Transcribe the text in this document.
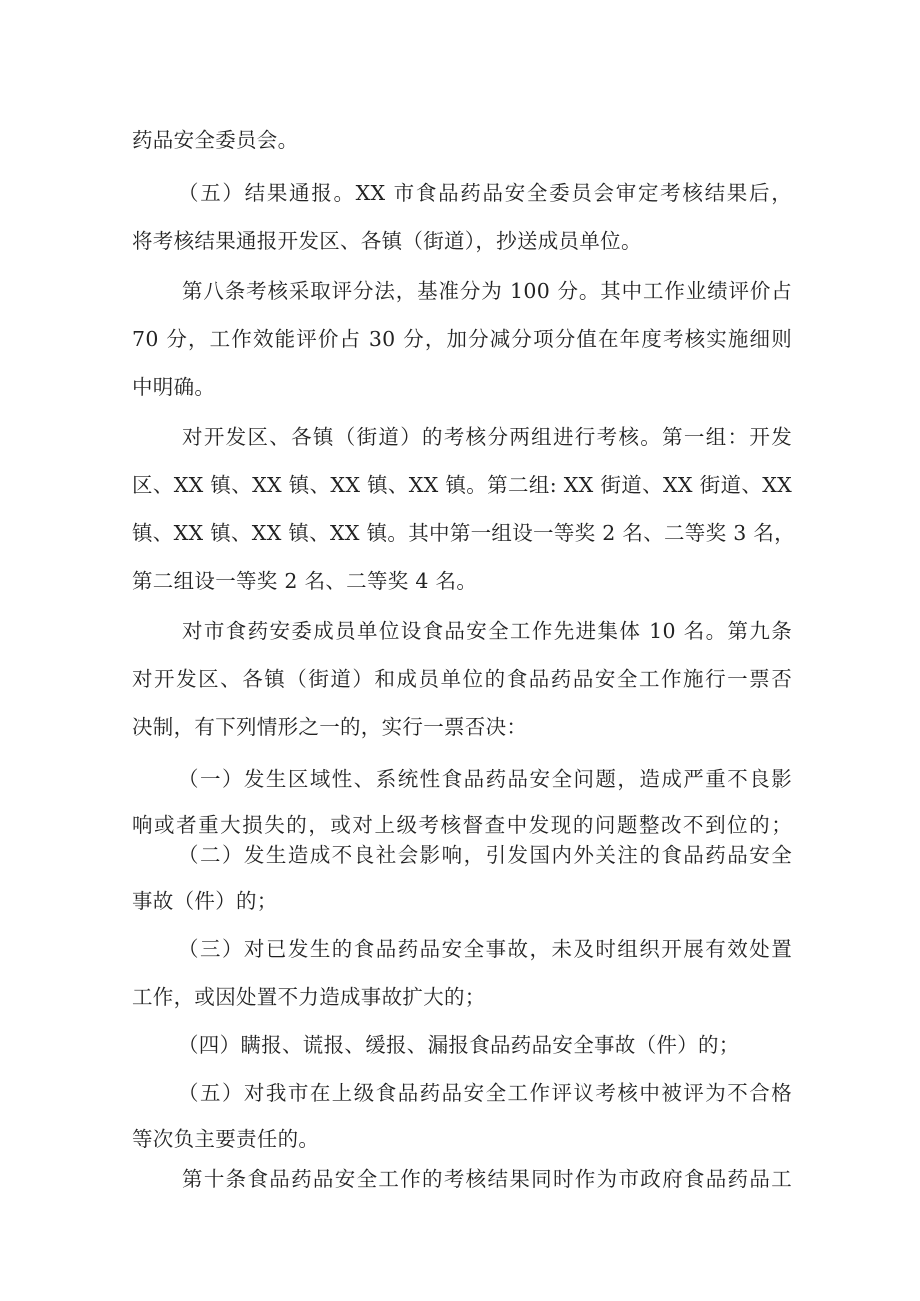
药品安全委员会。
（五）结果通报。XX 市食品药品安全委员会审定考核结果后，
将考核结果通报开发区、各镇（街道），抄送成员单位。
第八条考核采取评分法，基准分为 100 分。其中工作业绩评价占
70 分，工作效能评价占 30 分，加分减分项分值在年度考核实施细则
中明确。
对开发区、各镇（街道）的考核分两组进行考核。第一组：开发
区、XX 镇、XX 镇、XX 镇、XX 镇。第二组: XX 街道、XX 街道、XX
镇、XX 镇、XX 镇、XX 镇。其中第一组设一等奖 2 名、二等奖 3 名，
第二组设一等奖 2 名、二等奖 4 名。
对市食药安委成员单位设食品安全工作先进集体 10 名。第九条
对开发区、各镇（街道）和成员单位的食品药品安全工作施行一票否
决制，有下列情形之一的，实行一票否决：
（一）发生区域性、系统性食品药品安全问题，造成严重不良影
响或者重大损失的，或对上级考核督查中发现的问题整改不到位的；
（二）发生造成不良社会影响，引发国内外关注的食品药品安全
事故（件）的；
（三）对已发生的食品药品安全事故，未及时组织开展有效处置
工作，或因处置不力造成事故扩大的；
（四）瞒报、谎报、缓报、漏报食品药品安全事故（件）的；
（五）对我市在上级食品药品安全工作评议考核中被评为不合格
等次负主要责任的。
第十条食品药品安全工作的考核结果同时作为市政府食品药品工
